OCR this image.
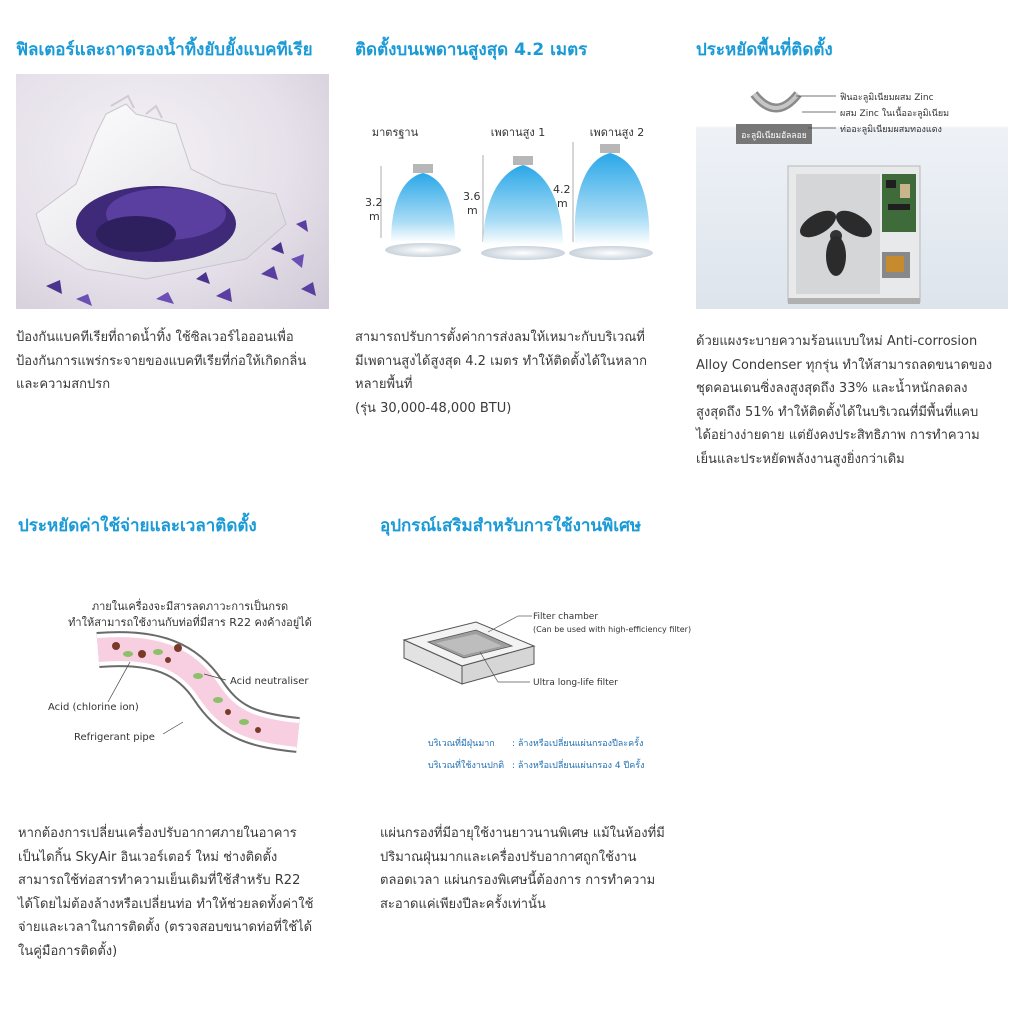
ฟิลเตอร์และถาดรองน้ำทิ้งยับยั้งแบคทีเรีย

ป้องกันแบคทีเรียที่ถาดน้ำทิ้ง ใช้ซิลเวอร์ไอออนเพื่อ

ป้องกันการแพร่กระจายของแบคทีเรียที่ก่อให้เกิดกลิ่น

และความสกปรก

ติดตั้งบนเพดานสูงสุด 4.2 เมตร
มาตรฐาน	เพดานสูง 1	เพดานสูง 2
3.2
m
3.6
m
4.2
m

สามารถปรับการตั้งค่าการส่งลมให้เหมาะกับบริเวณที่

มีเพดานสูงได้สูงสุด 4.2 เมตร ทำให้ติดตั้งได้ในหลาก

หลายพื้นที่

(รุ่น 30,000-48,000 BTU)

ประหยัดพื้นที่ติดตั้ง
อะลูมิเนียมอัลลอย
ฟินอะลูมิเนียมผสม Zinc
ผสม Zinc ในเนื้ออะลูมิเนียม
ท่ออะลูมิเนียมผสมทองแดง

ด้วยแผงระบายความร้อนแบบใหม่ Anti-corrosion

Alloy Condenser ทุกรุ่น ทำให้สามารถลดขนาดของ

ชุดคอนเดนซิ่งลงสูงสุดถึง 33% และน้ำหนักลดลง

สูงสุดถึง 51% ทำให้ติดตั้งได้ในบริเวณที่มีพื้นที่แคบ

ได้อย่างง่ายดาย แต่ยังคงประสิทธิภาพ การทำความ

เย็นและประหยัดพลังงานสูงยิ่งกว่าเดิม

ประหยัดค่าใช้จ่ายและเวลาติดตั้ง
ภายในเครื่องจะมีสารลดภาวะการเป็นกรด
ทำให้สามารถใช้งานกับท่อที่มีสาร R22 คงค้างอยู่ได้
Acid neutraliser
Acid (chlorine ion)
Refrigerant pipe

หากต้องการเปลี่ยนเครื่องปรับอากาศภายในอาคาร

เป็นไดกิ้น SkyAir อินเวอร์เตอร์ ใหม่ ช่างติดตั้ง

สามารถใช้ท่อสารทำความเย็นเดิมที่ใช้สำหรับ R22

ได้โดยไม่ต้องล้างหรือเปลี่ยนท่อ ทำให้ช่วยลดทั้งค่าใช้

จ่ายและเวลาในการติดตั้ง (ตรวจสอบขนาดท่อที่ใช้ได้

ในคู่มือการติดตั้ง)

อุปกรณ์เสริมสำหรับการใช้งานพิเศษ
Filter chamber
(Can be used with high-efficiency filter)
Ultra long-life filter
บริเวณที่มีฝุ่นมาก : ล้างหรือเปลี่ยนแผ่นกรองปีละครั้ง
บริเวณที่ใช้งานปกติ : ล้างหรือเปลี่ยนแผ่นกรอง 4 ปีครั้ง

แผ่นกรองที่มีอายุใช้งานยาวนานพิเศษ แม้ในห้องที่มี

ปริมาณฝุ่นมากและเครื่องปรับอากาศถูกใช้งาน

ตลอดเวลา แผ่นกรองพิเศษนี้ต้องการ การทำความ

สะอาดแค่เพียงปีละครั้งเท่านั้น
